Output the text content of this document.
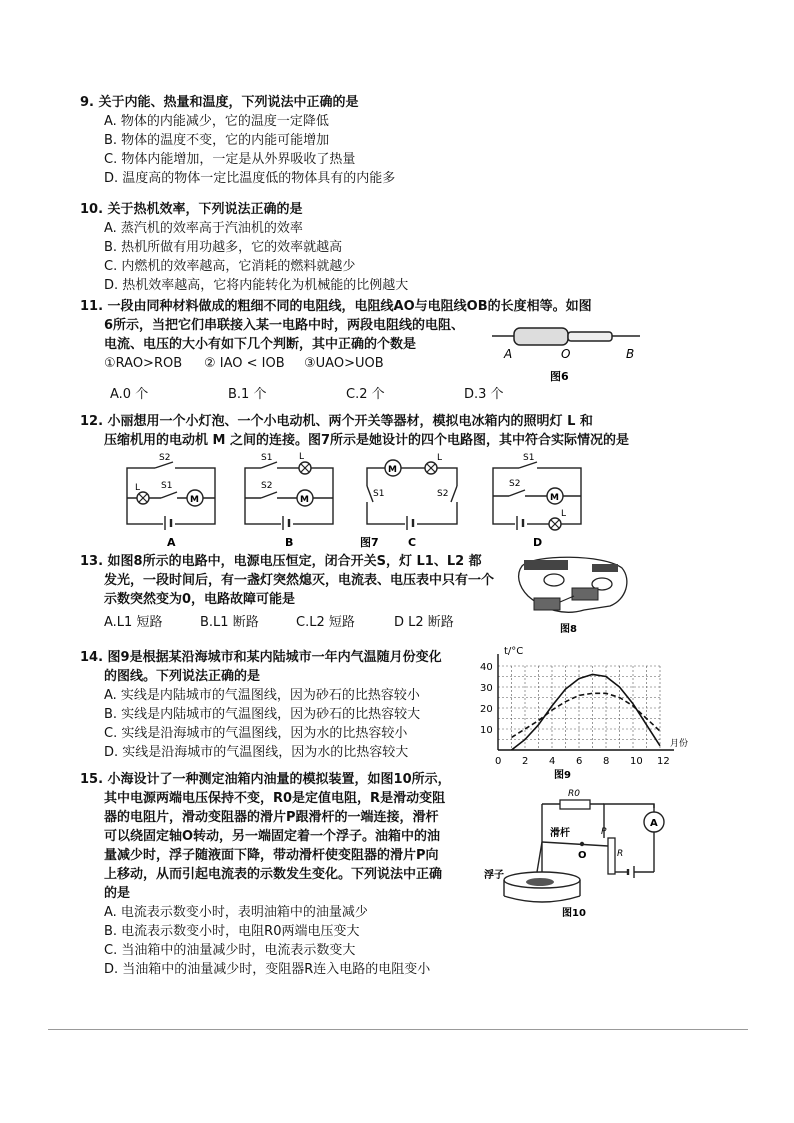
9. 关于内能、热量和温度，下列说法中正确的是
A. 物体的内能减少，它的温度一定降低
B. 物体的温度不变，它的内能可能增加
C. 物体内能增加，一定是从外界吸收了热量
D. 温度高的物体一定比温度低的物体具有的内能多
10. 关于热机效率，下列说法正确的是
A. 蒸汽机的效率高于汽油机的效率
B. 热机所做有用功越多，它的效率就越高
C. 内燃机的效率越高，它消耗的燃料就越少
D. 热机效率越高，它将内能转化为机械能的比例越大
11. 一段由同种材料做成的粗细不同的电阻线，电阻线AO与电阻线OB的长度相等。如图
6所示，当把它们串联接入某一电路中时，两段电阻线的电阻、
电流、电压的大小有如下几个判断，其中正确的个数是
①RAO>ROB	② IAO < IOB	③UAO>UOB
A.0 个	B.1 个	C.2 个	D.3 个
A	O	B
图6
12. 小丽想用一个小灯泡、一个小电动机、两个开关等器材，模拟电冰箱内的照明灯 L 和
压缩机用的电动机 M 之间的连接。图7所示是她设计的四个电路图，其中符合实际情况的是
S2
L S1
M
A
S1	L
S2
M
B
M
L
S1	S2
C
S1
S2
M
L
D
图7
13. 如图8所示的电路中，电源电压恒定，闭合开关S，灯 L1、L2 都
发光，一段时间后，有一盏灯突然熄灭，电流表、电压表中只有一个
示数突然变为0，电路故障可能是
A.L1 短路	B.L1 断路	C.L2 短路	D L2 断路	图8
14. 图9是根据某沿海城市和某内陆城市一年内气温随月份变化
的图线。下列说法正确的是
A. 实线是内陆城市的气温图线，因为砂石的比热容较小
B. 实线是内陆城市的气温图线，因为砂石的比热容较大
C. 实线是沿海城市的气温图线，因为水的比热容较小
D. 实线是沿海城市的气温图线，因为水的比热容较大
t/°C
月份
图9
0 2 4 6 8 10 12
10
20
30
40
15. 小海设计了一种测定油箱内油量的模拟装置，如图10所示，
其中电源两端电压保持不变，R0是定值电阻，R是滑动变阻
器的电阻片，滑动变阻器的滑片P跟滑杆的一端连接，滑杆
可以绕固定轴O转动，另一端固定着一个浮子。油箱中的油
量减少时，浮子随液面下降，带动滑杆使变阻器的滑片P向
上移动，从而引起电流表的示数发生变化。下列说法中正确
的是
A. 电流表示数变小时，表明油箱中的油量减少
B. 电流表示数变小时，电阻R0两端电压变大
C. 当油箱中的油量减少时，电流表示数变大
D. 当油箱中的油量减少时，变阻器R连入电路的电阻变小
R0
A
R
P
O
滑杆
浮子
图10
